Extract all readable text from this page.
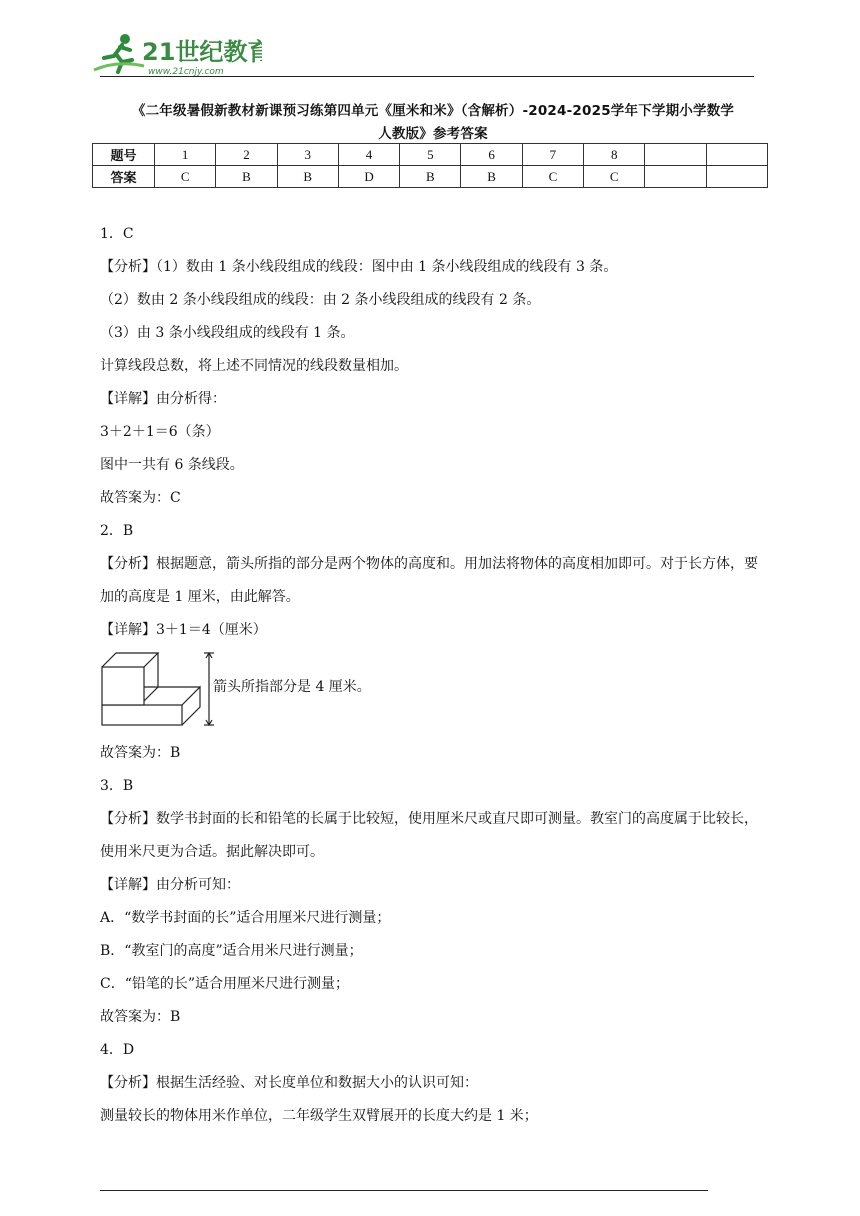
21世纪教育
www.21cnjy.com
《二年级暑假新教材新课预习练第四单元《厘米和米》（含解析）-2024-2025学年下学期小学数学
人教版》参考答案
题号	1	2	3	4	5	6	7	8		
答案	C	B	B	D	B	B	C	C		

1．C

【分析】（1）数由 1 条小线段组成的线段：图中由 1 条小线段组成的线段有 3 条。

（2）数由 2 条小线段组成的线段：由 2 条小线段组成的线段有 2 条。

（3）由 3 条小线段组成的线段有 1 条。

计算线段总数，将上述不同情况的线段数量相加。

【详解】由分析得：

3＋2＋1＝6（条）

图中一共有 6 条线段。

故答案为：C

2．B

【分析】根据题意，箭头所指的部分是两个物体的高度和。用加法将物体的高度相加即可。对于长方体，要加的高度是 1 厘米，由此解答。

【详解】3＋1＝4（厘米）

箭头所指部分是 4 厘米。

故答案为：B

3．B

【分析】数学书封面的长和铅笔的长属于比较短，使用厘米尺或直尺即可测量。教室门的高度属于比较长，使用米尺更为合适。据此解决即可。

【详解】由分析可知：

A．“数学书封面的长”适合用厘米尺进行测量；

B．“教室门的高度”适合用米尺进行测量；

C．“铅笔的长”适合用厘米尺进行测量；

故答案为：B

4．D

【分析】根据生活经验、对长度单位和数据大小的认识可知：

测量较长的物体用米作单位，二年级学生双臂展开的长度大约是 1 米；
